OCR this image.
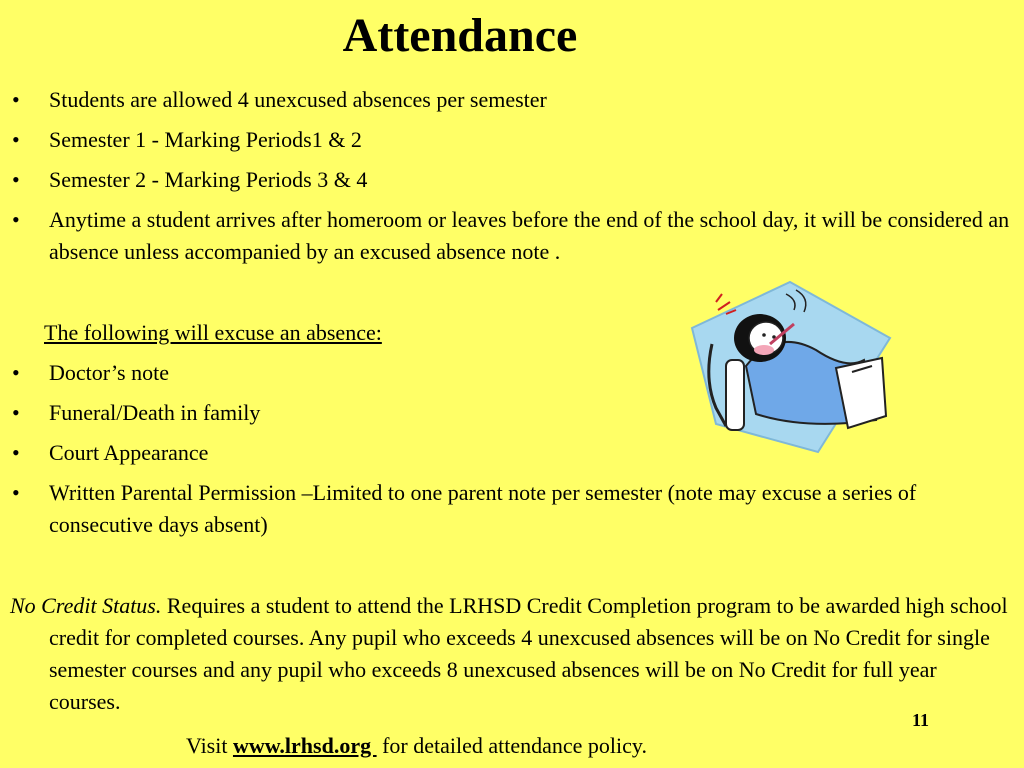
Attendance
• Students are allowed 4 unexcused absences per semester
• Semester 1 - Marking Periods1 & 2
• Semester 2 - Marking Periods 3 & 4
• Anytime a student arrives after homeroom or leaves before the end of the school day, it will be considered an absence unless accompanied by an excused absence note .
The following will excuse an absence:
• Doctor’s note
• Funeral/Death in family
• Court Appearance
• Written Parental Permission –Limited to one parent note per semester (note may excuse a series of consecutive days absent)
No Credit Status. Requires a student to attend the LRHSD Credit Completion program to be awarded high school credit for completed courses. Any pupil who exceeds 4 unexcused absences will be on No Credit for single semester courses and any pupil who exceeds 8 unexcused absences will be on No Credit for full year courses.
11
Visit www.lrhsd.org  for detailed attendance policy.
